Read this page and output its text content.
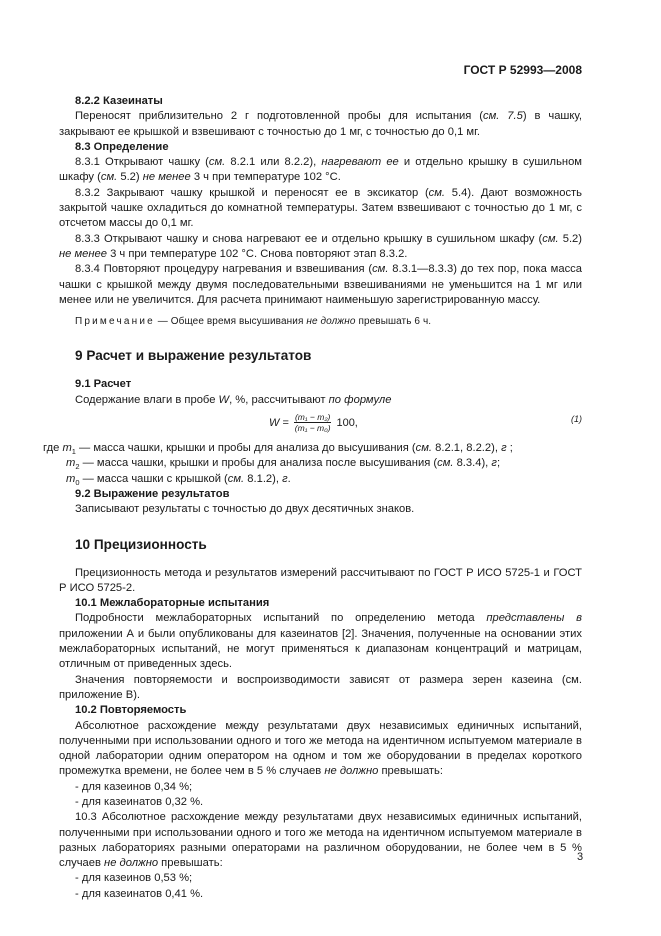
ГОСТ Р 52993—2008

8.2.2 Казеинаты

Переносят приблизительно 2 г подготовленной пробы для испытания (см. 7.5) в чашку, закрывают ее крышкой и взвешивают с точностью до 1 мг, с точностью до 0,1 мг.

8.3 Определение

8.3.1 Открывают чашку (см. 8.2.1 или 8.2.2), нагревают ее и отдельно крышку в сушильном шкафу (см. 5.2) не менее 3 ч при температуре 102 °С.

8.3.2 Закрывают чашку крышкой и переносят ее в эксикатор (см. 5.4). Дают возможность закрытой чашке охладиться до комнатной температуры. Затем взвешивают с точностью до 1 мг, с отсчетом массы до 0,1 мг.

8.3.3 Открывают чашку и снова нагревают ее и отдельно крышку в сушильном шкафу (см. 5.2) не менее 3 ч при температуре 102 °С. Снова повторяют этап 8.3.2.

8.3.4 Повторяют процедуру нагревания и взвешивания (см. 8.3.1—8.3.3) до тех пор, пока масса чашки с крышкой между двумя последовательными взвешиваниями не уменьшится на 1 мг или менее или не увеличится. Для расчета принимают наименьшую зарегистрированную массу.

Примечание — Общее время высушивания не должно превышать 6 ч.

9 Расчет и выражение результатов

9.1 Расчет

Содержание влаги в пробе W, %, рассчитывают по формуле

$W = \frac{\text{(m₁ − m₂)}}{\text{(m₁ − m₀)}} 100$,	(1)

где $m_1$ — масса чашки, крышки и пробы для анализа до высушивания (см. 8.2.1, 8.2.2), г ;

$m_2$ — масса чашки, крышки и пробы для анализа после высушивания (см. 8.3.4), г;

$m_0$ — масса чашки с крышкой (см. 8.1.2), г.

9.2 Выражение результатов

Записывают результаты с точностью до двух десятичных знаков.

10 Прецизионность

Прецизионность метода и результатов измерений рассчитывают по ГОСТ Р ИСО 5725-1 и ГОСТ Р ИСО 5725-2.

10.1 Межлабораторные испытания

Подробности межлабораторных испытаний по определению метода представлены в приложении А и были опубликованы для казеинатов [2]. Значения, полученные на основании этих межлабораторных испытаний, не могут применяться к диапазонам концентраций и матрицам, отличным от приведенных здесь.

Значения повторяемости и воспроизводимости зависят от размера зерен казеина (см. приложение В).

10.2 Повторяемость

Абсолютное расхождение между результатами двух независимых единичных испытаний, полученными при использовании одного и того же метода на идентичном испытуемом материале в одной лаборатории одним оператором на одном и том же оборудовании в пределах короткого промежутка времени, не более чем в 5 % случаев не должно превышать:

- для казеинов 0,34 %;

- для казеинатов 0,32 %.

10.3 Абсолютное расхождение между результатами двух независимых единичных испытаний, полученными при использовании одного и того же метода на идентичном испытуемом материале в разных лабораториях разными операторами на различном оборудовании, не более чем в 5 % случаев не должно превышать:

- для казеинов 0,53 %;

- для казеинатов 0,41 %.

3
